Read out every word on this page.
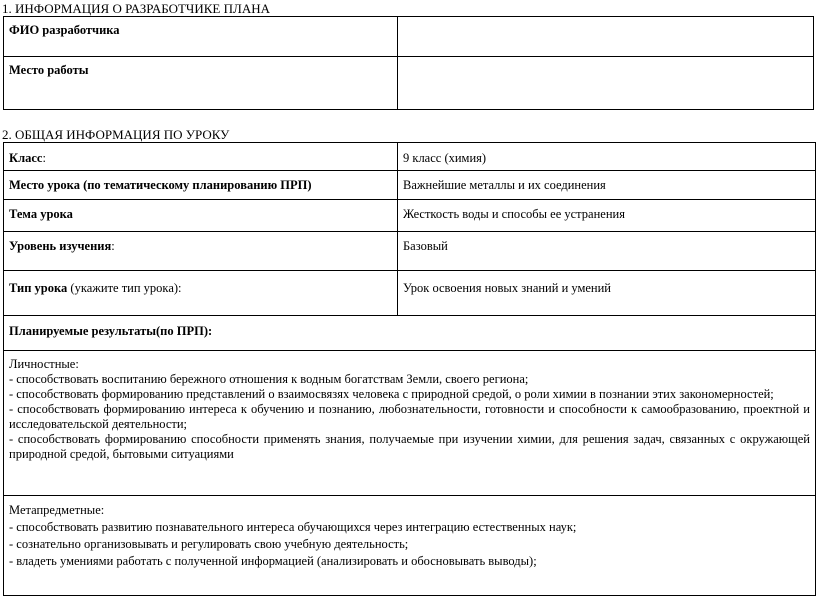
1. ИНФОРМАЦИЯ О РАЗРАБОТЧИКЕ ПЛАНА
ФИО разработчика	
Место работы	
2. ОБЩАЯ ИНФОРМАЦИЯ ПО УРОКУ
Класс:	9 класс (химия)
Место урока (по тематическому планированию ПРП)	Важнейшие металлы и их соединения
Тема урока	Жесткость воды и способы ее устранения
Уровень изучения:	Базовый
Тип урока (укажите тип урока):	Урок освоения новых знаний и умений
Планируемые результаты(по ПРП):	

Личностные:
- способствовать воспитанию бережного отношения к водным богатствам Земли, своего региона;
- способствовать формированию представлений о взаимосвязях человека с природной средой, о роли химии в познании этих закономерностей;
- способствовать формированию интереса к обучению и познанию, любознательности, готовности и способности к самообразованию, проектной и исследовательской деятельности;
- способствовать формированию способности применять знания, получаемые при изучении химии, для решения задач, связанных с окружающей природной средой, бытовыми ситуациями	

Метапредметные:
- способствовать развитию познавательного интереса обучающихся через интеграцию естественных наук;
- сознательно организовывать и регулировать свою учебную деятельность;
- владеть умениями работать с полученной информацией (анализировать и обосновывать выводы);	
